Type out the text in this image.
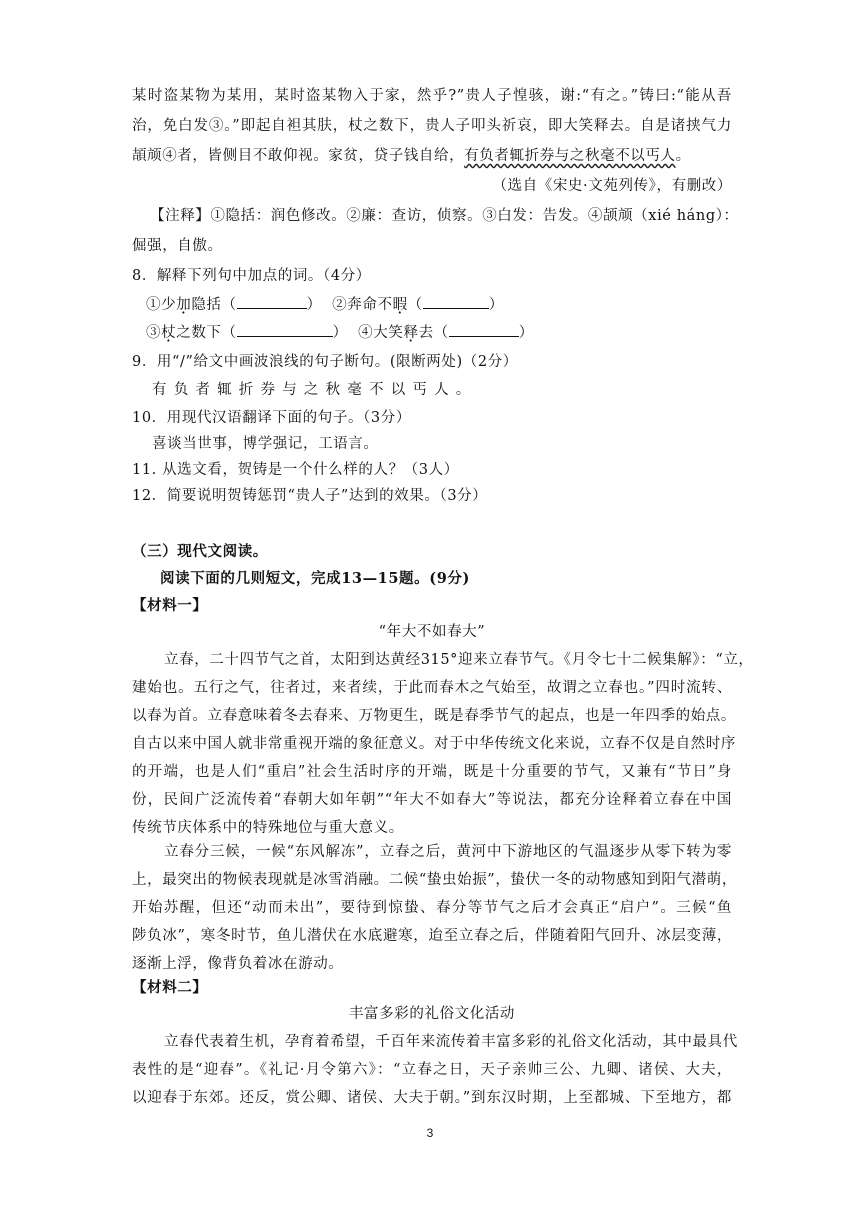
某时盗某物为某用，某时盗某物入于家，然乎?”贵人子惶骇，谢:“有之。”铸曰:“能从吾
治，免白发③。”即起自袒其肤，杖之数下，贵人子叩头祈哀，即大笑释去。自是诸挟气力
頡颃④者，皆侧目不敢仰视。家贫，贷子钱自给，有负者辄折券与之秋毫不以丐人。
（选自《宋史·文苑列传》，有删改）
【注释】①隐括：润色修改。②廉：查访，侦察。③白发：告发。④颉颃（xié háng）：
倔强，自傲。
8．解释下列句中加点的词。（4分）
①少加隐括（	） ②奔命不暇（	）
③杖之数下（	） ④大笑释去（	）
9．用“/”给文中画波浪线的句子断句。(限断两处)（2分）
有负者辄折券与之秋毫不以丐人。
10．用现代汉语翻译下面的句子。（3分）
喜谈当世事，博学强记，工语言。
11. 从选文看，贺铸是一个什么样的人？（3人）
12．简要说明贺铸惩罚“贵人子”达到的效果。（3分）
（三）现代文阅读。
阅读下面的几则短文，完成13—15题。(9分)
【材料一】
“年大不如春大”
立春，二十四节气之首，太阳到达黄经315°迎来立春节气。《月令七十二候集解》：“立，
建始也。五行之气，往者过，来者续，于此而春木之气始至，故谓之立春也。”四时流转、
以春为首。立春意味着冬去春来、万物更生，既是春季节气的起点，也是一年四季的始点。
自古以来中国人就非常重视开端的象征意义。对于中华传统文化来说，立春不仅是自然时序
的开端，也是人们“重启”社会生活时序的开端，既是十分重要的节气，又兼有“节日”身
份，民间广泛流传着“春朝大如年朝”“年大不如春大”等说法，都充分诠释着立春在中国
传统节庆体系中的特殊地位与重大意义。
立春分三候，一候“东风解冻”，立春之后，黄河中下游地区的气温逐步从零下转为零
上，最突出的物候表现就是冰雪消融。二候“蛰虫始振”，蛰伏一冬的动物感知到阳气潜萌，
开始苏醒，但还“动而未出”，要待到惊蛰、春分等节气之后才会真正“启户”。三候“鱼
陟负冰”，寒冬时节，鱼儿潜伏在水底避寒，迨至立春之后，伴随着阳气回升、冰层变薄，
逐渐上浮，像背负着冰在游动。
【材料二】
丰富多彩的礼俗文化活动
立春代表着生机，孕育着希望，千百年来流传着丰富多彩的礼俗文化活动，其中最具代
表性的是“迎春”。《礼记·月令第六》：“立春之日，天子亲帅三公、九卿、诸侯、大夫，
以迎春于东郊。还反，赏公卿、诸侯、大夫于朝。”到东汉时期，上至都城、下至地方，都
3
